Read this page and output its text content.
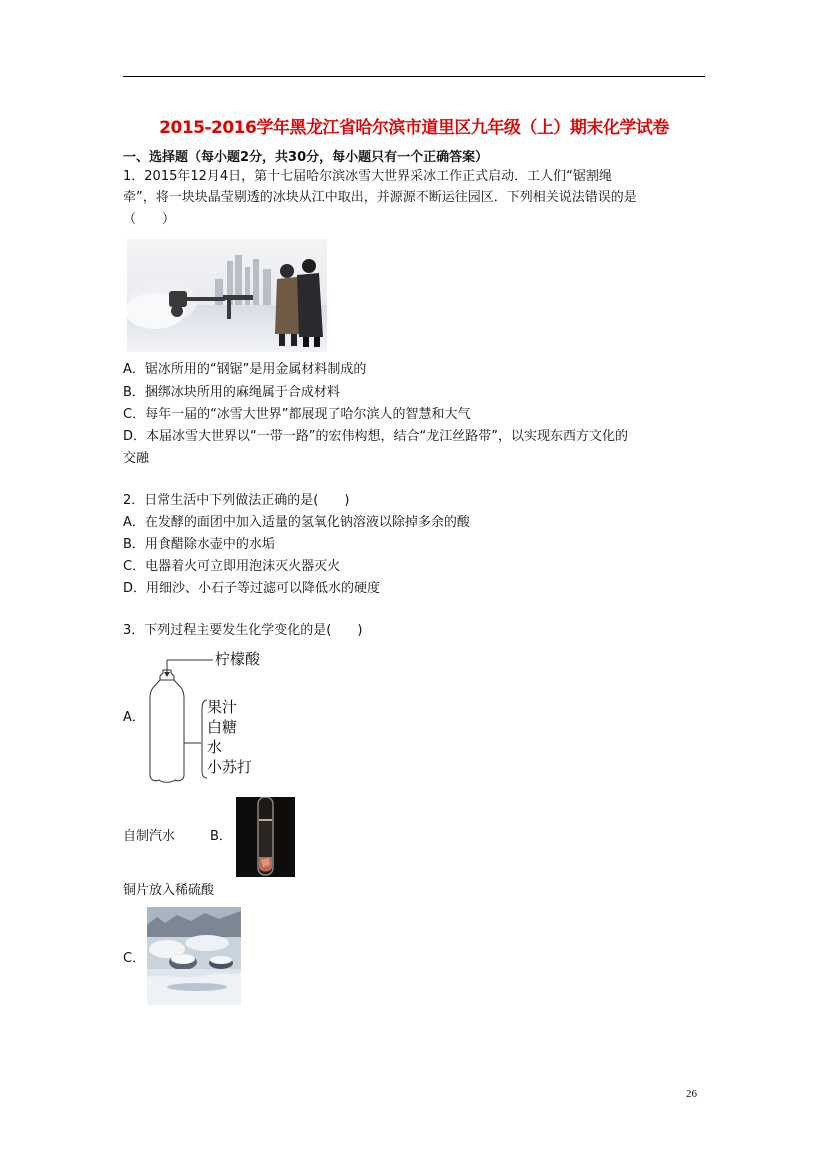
2015-2016学年黑龙江省哈尔滨市道里区九年级（上）期末化学试卷
一、选择题（每小题2分，共30分，每小题只有一个正确答案）
1．2015年12月4日，第十七届哈尔滨冰雪大世界采冰工作正式启动．工人们“锯割绳
牵”，将一块块晶莹剔透的冰块从江中取出，并源源不断运往园区．下列相关说法错误的是
（　　）
A．锯冰所用的“钢锯”是用金属材料制成的
B．捆绑冰块所用的麻绳属于合成材料
C．每年一届的“冰雪大世界”都展现了哈尔滨人的智慧和大气
D．本届冰雪大世界以“一带一路”的宏伟构想，结合“龙江丝路带”，以实现东西方文化的
交融
2．日常生活中下列做法正确的是(　　)
A．在发酵的面团中加入适量的氢氧化钠溶液以除掉多余的酸
B．用食醋除水壶中的水垢
C．电器着火可立即用泡沫灭火器灭火
D．用细沙、小石子等过滤可以降低水的硬度
3．下列过程主要发生化学变化的是(　　)
A．
柠檬酸
果汁
白糖
水
小苏打
自制汽水	B．
铜片放入稀硫酸
C．
26
